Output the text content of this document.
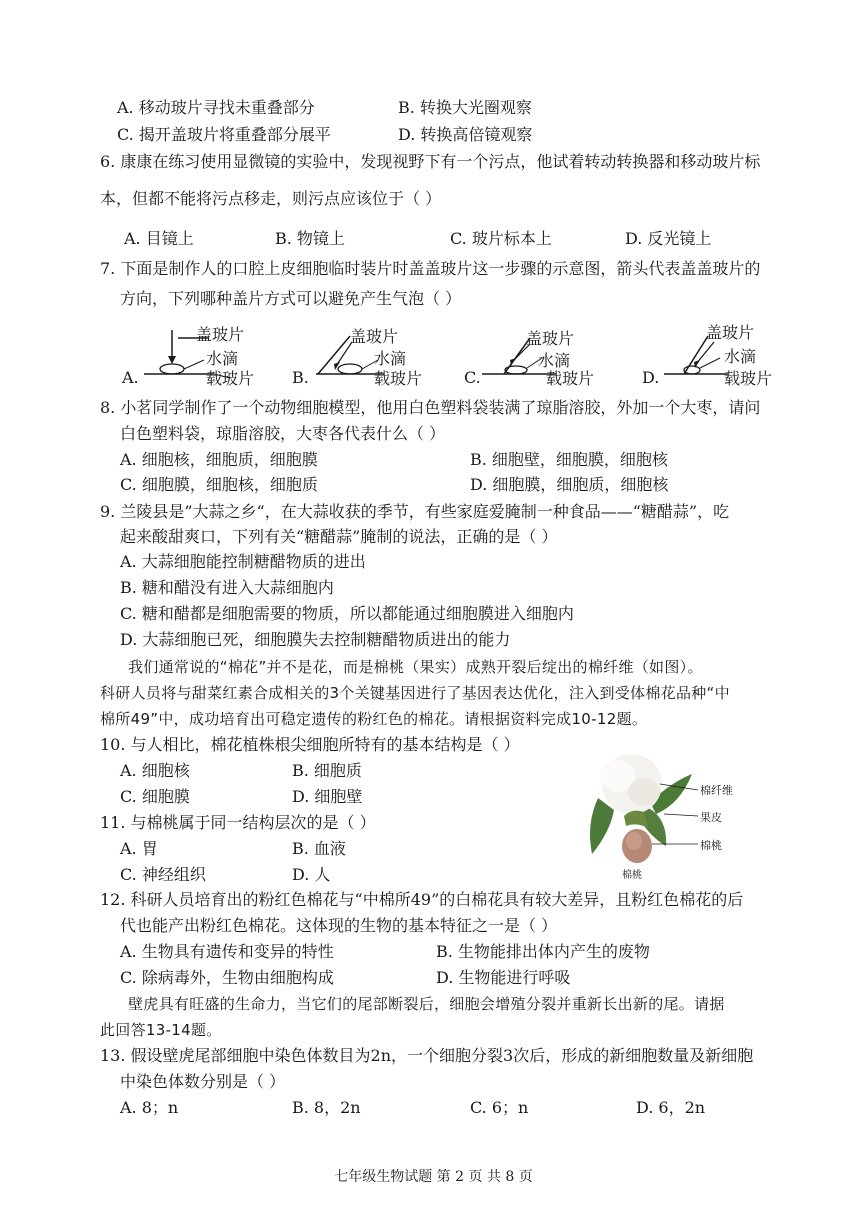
A. 移动玻片寻找未重叠部分	B. 转换大光圈观察
C. 揭开盖玻片将重叠部分展平	D. 转换高倍镜观察
6. 康康在练习使用显微镜的实验中，发现视野下有一个污点，他试着转动转换器和移动玻片标
本，但都不能将污点移走，则污点应该位于（ ）
A. 目镜上	B. 物镜上	C. 玻片标本上	D. 反光镜上
7. 下面是制作人的口腔上皮细胞临时装片时盖盖玻片这一步骤的示意图，箭头代表盖盖玻片的
方向，下列哪种盖片方式可以避免产生气泡（ ）
A.
盖玻片
水滴
载玻片 B.
盖玻片
水滴
载玻片	C.
盖玻片
水滴
载玻片	D.
盖玻片
水滴
载玻片
8. 小茗同学制作了一个动物细胞模型，他用白色塑料袋装满了琼脂溶胶，外加一个大枣，请问
白色塑料袋，琼脂溶胶，大枣各代表什么（ ）
A. 细胞核，细胞质，细胞膜	B. 细胞壁，细胞膜，细胞核
C. 细胞膜，细胞核，细胞质	D. 细胞膜，细胞质，细胞核
9. 兰陵县是”大蒜之乡“，在大蒜收获的季节，有些家庭爱腌制一种食品——“糖醋蒜”，吃
起来酸甜爽口，下列有关“糖醋蒜”腌制的说法，正确的是（ ）
A. 大蒜细胞能控制糖醋物质的进出
B. 糖和醋没有进入大蒜细胞内
C. 糖和醋都是细胞需要的物质，所以都能通过细胞膜进入细胞内
D. 大蒜细胞已死，细胞膜失去控制糖醋物质进出的能力
我们通常说的“棉花”并不是花，而是棉桃（果实）成熟开裂后绽出的棉纤维（如图）。
科研人员将与甜菜红素合成相关的3个关键基因进行了基因表达优化，注入到受体棉花品种“中
棉所49”中，成功培育出可稳定遗传的粉红色的棉花。请根据资料完成10-12题。
10. 与人相比，棉花植株根尖细胞所特有的基本结构是（ ）
A. 细胞核	B. 细胞质
C. 细胞膜	D. 细胞壁
11. 与棉桃属于同一结构层次的是（ ）
A. 胃	B. 血液
C. 神经组织	D. 人
棉纤维
果皮
棉桃
棉桃
12. 科研人员培育出的粉红色棉花与“中棉所49”的白棉花具有较大差异，且粉红色棉花的后
代也能产出粉红色棉花。这体现的生物的基本特征之一是（ ）
A. 生物具有遗传和变异的特性	B. 生物能排出体内产生的废物
C. 除病毒外，生物由细胞构成	D. 生物能进行呼吸
壁虎具有旺盛的生命力，当它们的尾部断裂后，细胞会增殖分裂并重新长出新的尾。请据
此回答13-14题。
13. 假设壁虎尾部细胞中染色体数目为2n，一个细胞分裂3次后，形成的新细胞数量及新细胞
中染色体数分别是（ ）
A. 8；n	B. 8，2n	C. 6；n	D. 6，2n
七年级生物试题 第 2 页 共 8 页
